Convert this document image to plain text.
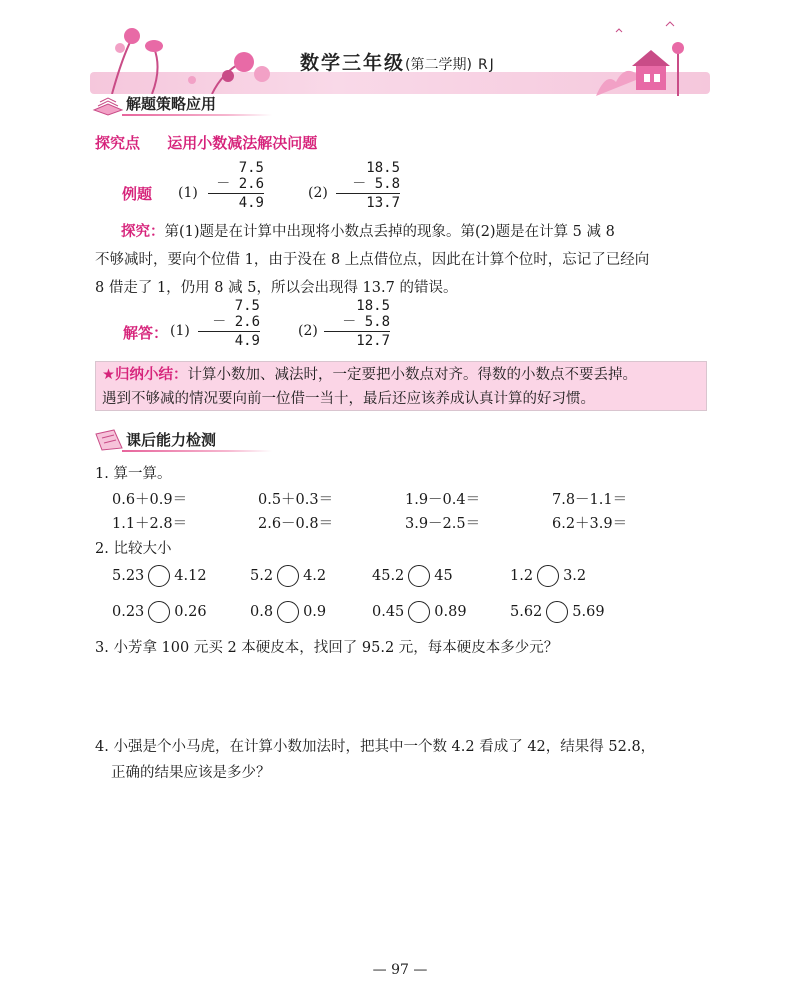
数学三年级(第二学期) RJ
解题策略应用
探究点 运用小数减法解决问题
例题 (1)
7.5
－ 2.6
4.9
(2)
18.5
－ 5.8
13.7
探究：第(1)题是在计算中出现将小数点丢掉的现象。第(2)题是在计算 5 减 8
不够减时，要向个位借 1，由于没在 8 上点借位点，因此在计算个位时，忘记了已经向
8 借走了 1，仍用 8 减 5，所以会出现得 13.7 的错误。
解答： (1)
7.5
－ 2.6
4.9
(2)
18.5
－ 5.8
12.7
★归纳小结：计算小数加、减法时，一定要把小数点对齐。得数的小数点不要丢掉。
遇到不够减的情况要向前一位借一当十，最后还应该养成认真计算的好习惯。
课后能力检测
1. 算一算。
0.6＋0.9＝	0.5＋0.3＝	1.9－0.4＝	7.8－1.1＝
1.1＋2.8＝	2.6－0.8＝	3.9－2.5＝	6.2＋3.9＝
2. 比较大小
5.23 4.12	5.2 4.2	45.2 45	1.2 3.2
0.23 0.26	0.8 0.9	0.45 0.89	5.62 5.69
3. 小芳拿 100 元买 2 本硬皮本，找回了 95.2 元，每本硬皮本多少元？
4. 小强是个小马虎，在计算小数加法时，把其中一个数 4.2 看成了 42，结果得 52.8，
正确的结果应该是多少？
— 97 —
